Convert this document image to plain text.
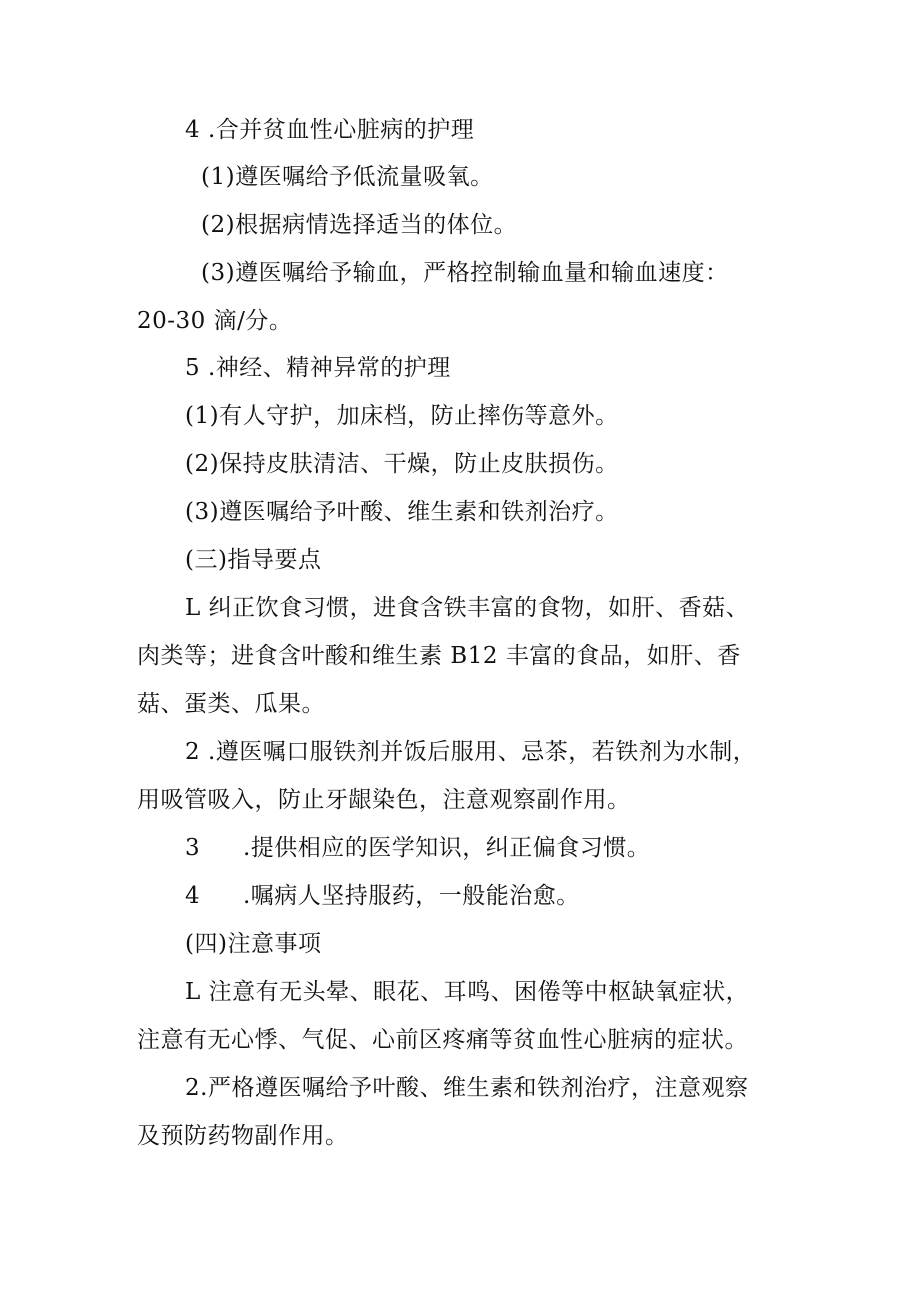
4 .合并贫血性心脏病的护理

(1)遵医嘱给予低流量吸氧。

(2)根据病情选择适当的体位。

(3)遵医嘱给予输血，严格控制输血量和输血速度：

20-30 滴/分。

5 .神经、精神异常的护理

(1)有人守护，加床档，防止摔伤等意外。

(2)保持皮肤清洁、干燥，防止皮肤损伤。

(3)遵医嘱给予叶酸、维生素和铁剂治疗。

(三)指导要点

L 纠正饮食习惯，进食含铁丰富的食物，如肝、香菇、

肉类等；进食含叶酸和维生素 B12 丰富的食品，如肝、香

菇、蛋类、瓜果。

2 .遵医嘱口服铁剂并饭后服用、忌茶，若铁剂为水制，

用吸管吸入，防止牙龈染色，注意观察副作用。

3 .提供相应的医学知识，纠正偏食习惯。

4 .嘱病人坚持服药，一般能治愈。

(四)注意事项

L 注意有无头晕、眼花、耳鸣、困倦等中枢缺氧症状，

注意有无心悸、气促、心前区疼痛等贫血性心脏病的症状。

2.严格遵医嘱给予叶酸、维生素和铁剂治疗，注意观察

及预防药物副作用。
